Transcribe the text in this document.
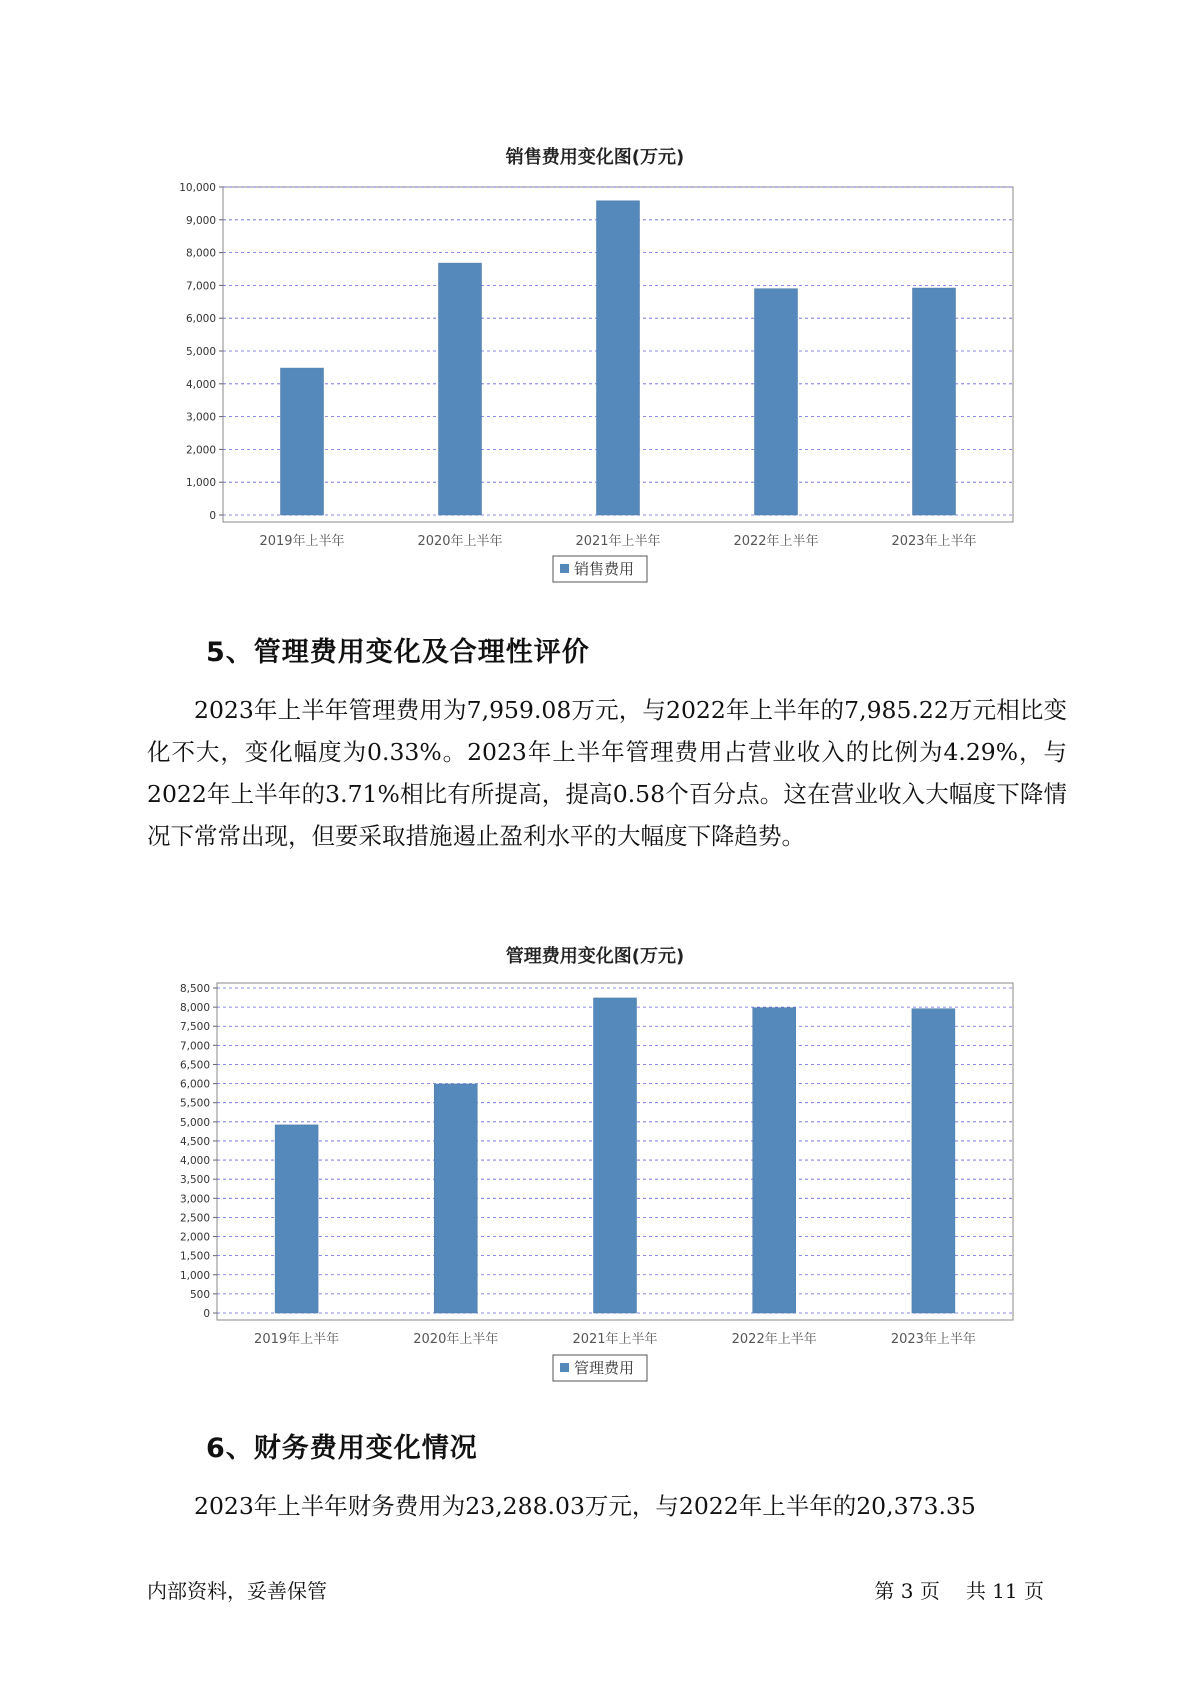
销售费用变化图(万元)
0
1,000
2,000
3,000
4,000
5,000
6,000
7,000
8,000
9,000
10,000
2019年上半年	2020年上半年	2021年上半年	2022年上半年	2023年上半年
销售费用
5、管理费用变化及合理性评价

2023年上半年管理费用为7,959.08万元，与2022年上半年的7,985.22万元相比变化不大，变化幅度为0.33%。2023年上半年管理费用占营业收入的比例为4.29%，与2022年上半年的3.71%相比有所提高，提高0.58个百分点。这在营业收入大幅度下降情况下常常出现，但要采取措施遏止盈利水平的大幅度下降趋势。

管理费用变化图(万元)
0
500
1,000
1,500
2,000
2,500
3,000
3,500
4,000
4,500
5,000
5,500
6,000
6,500
7,000
7,500
8,000
8,500
2019年上半年	2020年上半年	2021年上半年	2022年上半年	2023年上半年
管理费用
6、财务费用变化情况

2023年上半年财务费用为23,288.03万元，与2022年上半年的20,373.35

内部资料，妥善保管	第 3 页 共 11 页
